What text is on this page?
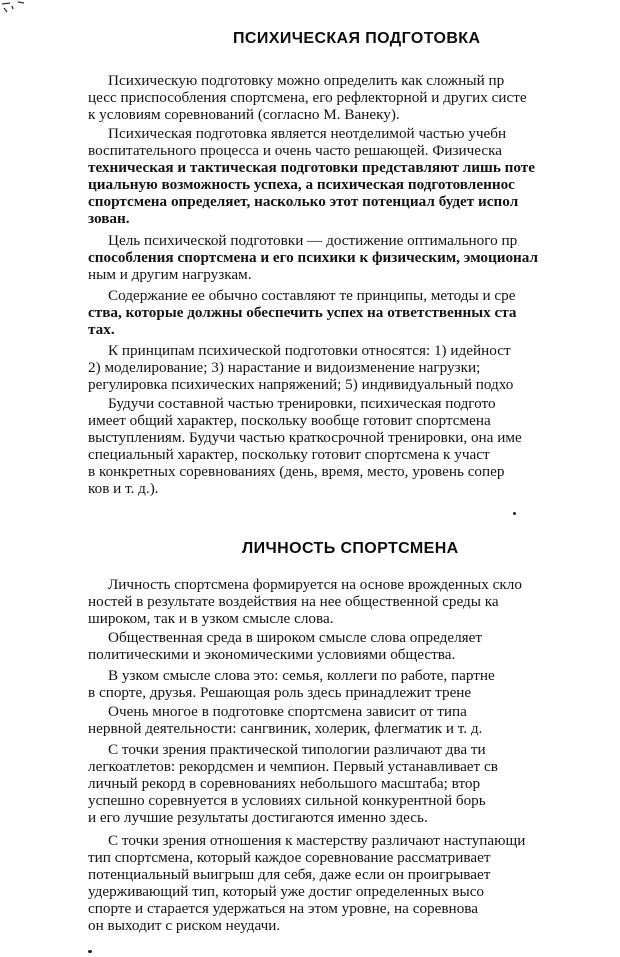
ПСИХИЧЕСКАЯ ПОДГОТОВКА
Психическую подготовку можно определить как сложный пр
цесс приспособления спортсмена, его рефлекторной и других систе
к условиям соревнований (согласно М. Ванеку).
Психическая подготовка является неотделимой частью учебн
воспитательного процесса и очень часто решающей. Физическа
техническая и тактическая подготовки представляют лишь поте
циальную возможность успеха, а психическая подготовленнос
спортсмена определяет, насколько этот потенциал будет испол
зован.
Цель психической подготовки — достижение оптимального пр
способления спортсмена и его психики к физическим, эмоционал
ным и другим нагрузкам.
Содержание ее обычно составляют те принципы, методы и сре
ства, которые должны обеспечить успех на ответственных ста
тах.
К принципам психической подготовки относятся: 1) идейност
2) моделирование; 3) нарастание и видоизменение нагрузки;
регулировка психических напряжений; 5) индивидуальный подхо
Будучи составной частью тренировки, психическая подгото
имеет общий характер, поскольку вообще готовит спортсмена
выступлениям. Будучи частью краткосрочной тренировки, она име
специальный характер, поскольку готовит спортсмена к участ
в конкретных соревнованиях (день, время, место, уровень сопер
ков и т. д.).
ЛИЧНОСТЬ СПОРТСМЕНА
Личность спортсмена формируется на основе врожденных скло
ностей в результате воздействия на нее общественной среды ка
широком, так и в узком смысле слова.
Общественная среда в широком смысле слова определяет
политическими и экономическими условиями общества.
В узком смысле слова это: семья, коллеги по работе, партне
в спорте, друзья. Решающая роль здесь принадлежит трене
Очень многое в подготовке спортсмена зависит от типа
нервной деятельности: сангвиник, холерик, флегматик и т. д.
С точки зрения практической типологии различают два ти
легкоатлетов: рекордсмен и чемпион. Первый устанавливает св
личный рекорд в соревнованиях небольшого масштаба; втор
успешно соревнуется в условиях сильной конкурентной борь
и его лучшие результаты достигаются именно здесь.
С точки зрения отношения к мастерству различают наступающи
тип спортсмена, который каждое соревнование рассматривает
потенциальный выигрыш для себя, даже если он проигрывает
удерживающий тип, который уже достиг определенных высо
спорте и старается удержаться на этом уровне, на соревнова
он выходит с риском неудачи.
